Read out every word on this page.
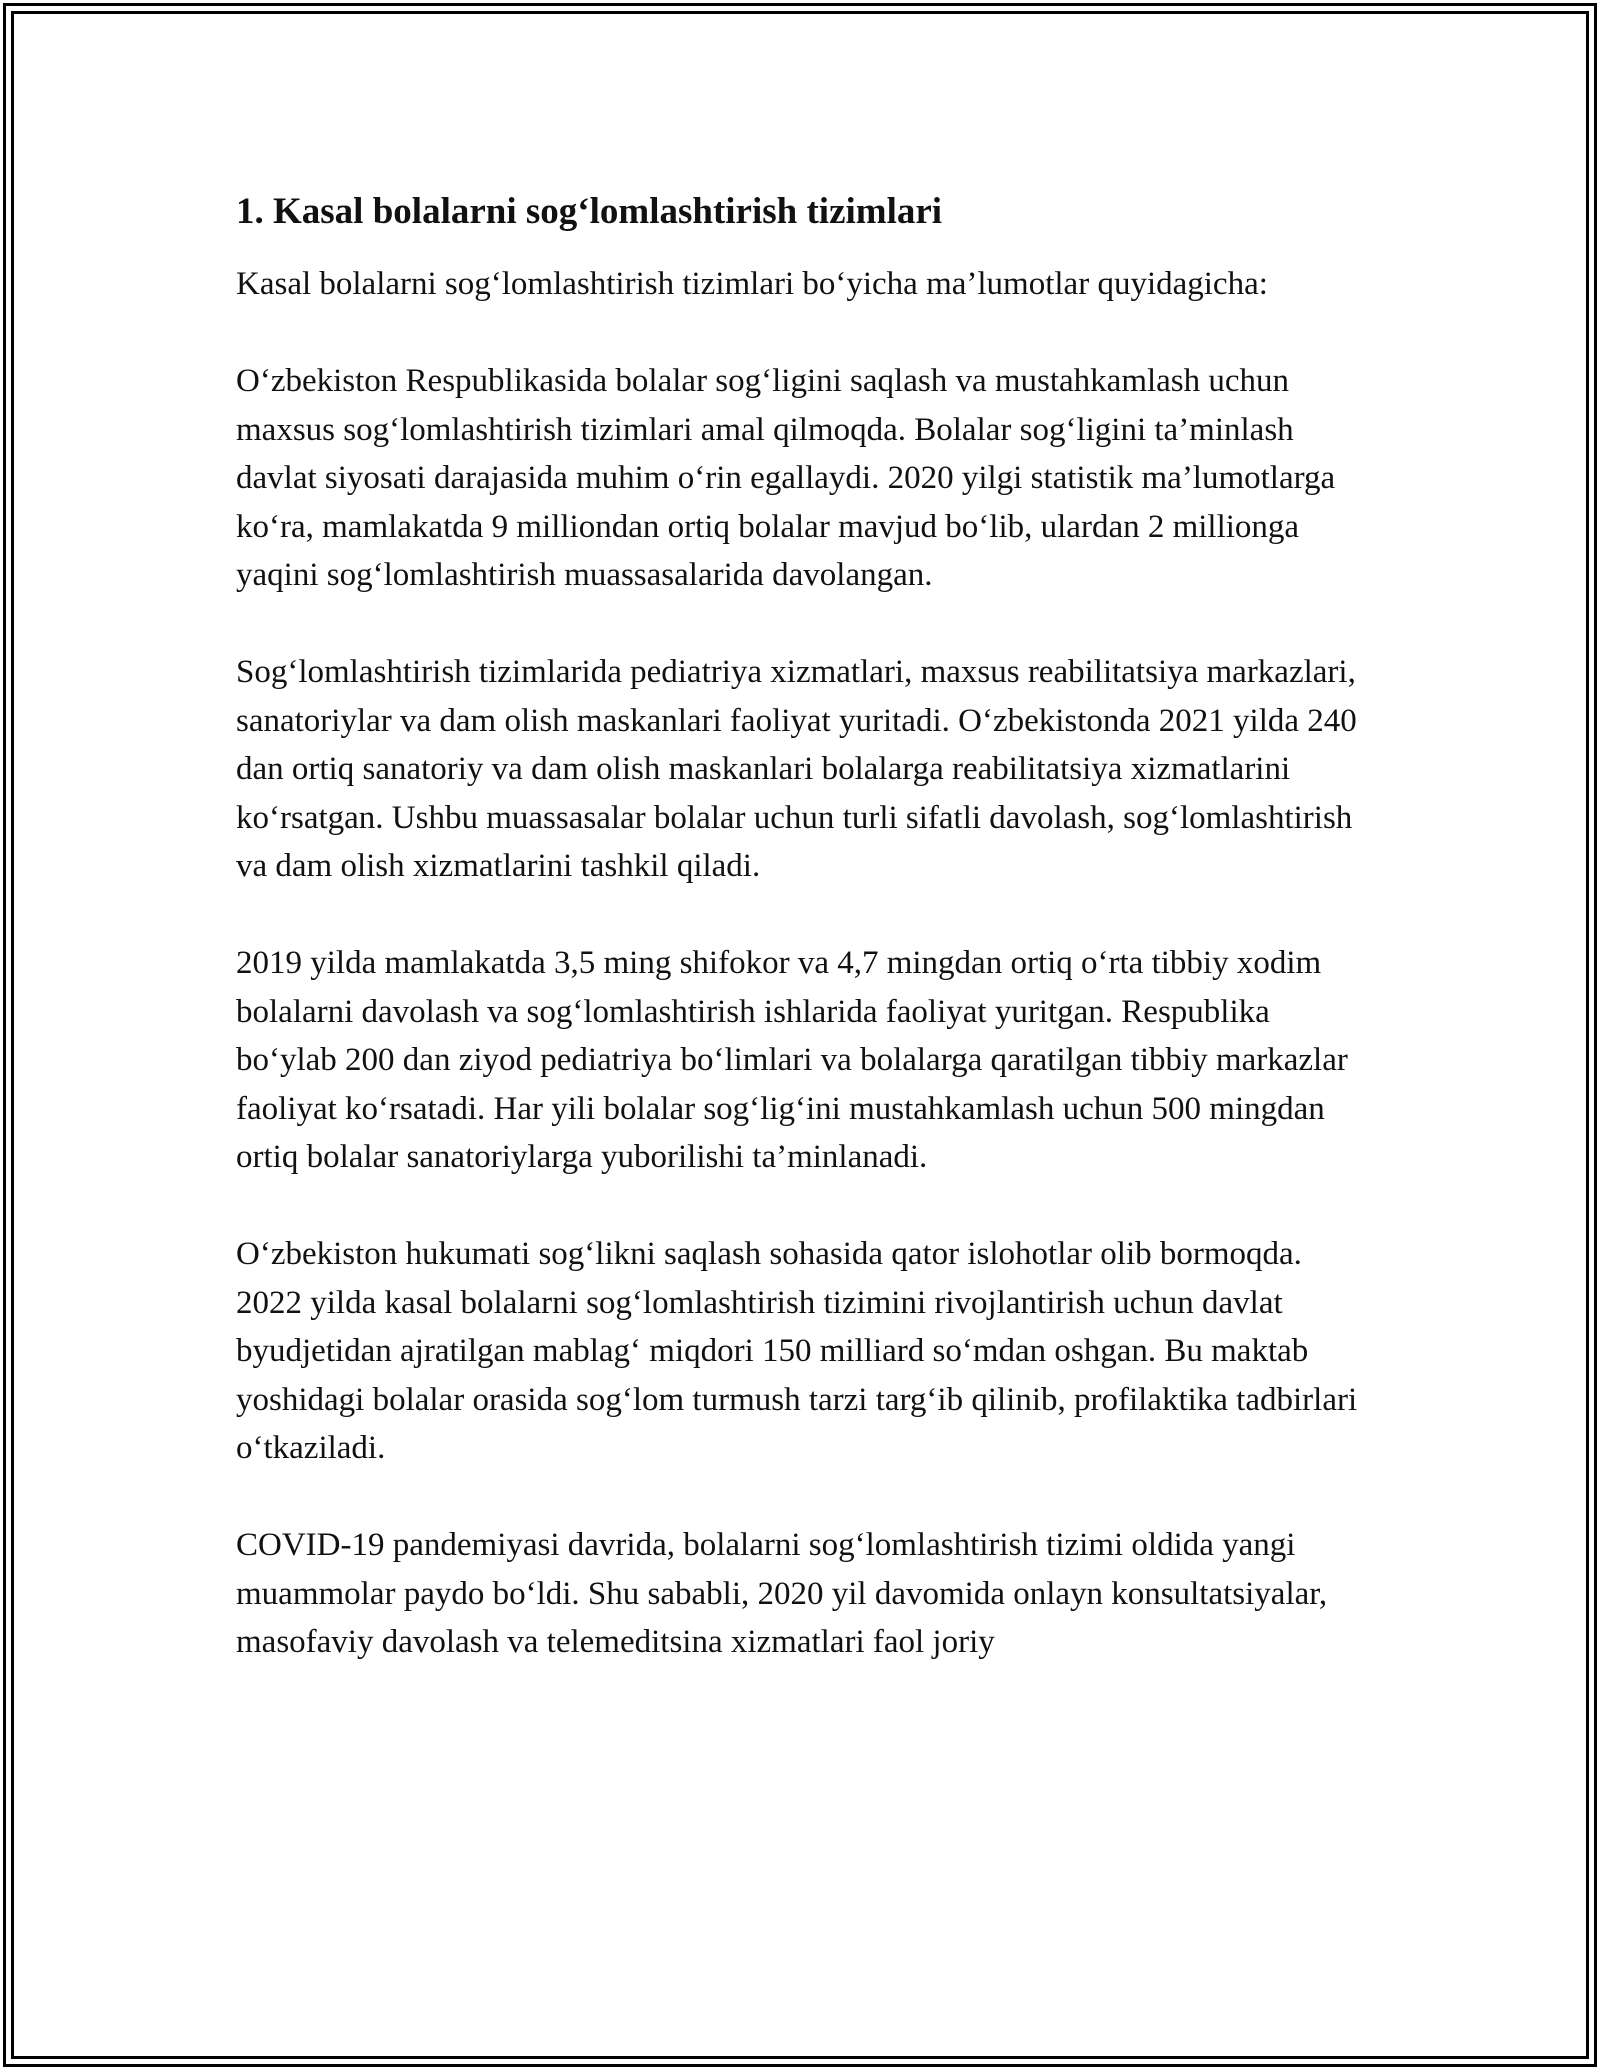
1. Kasal bolalarni sog‘lomlashtirish tizimlari

Kasal bolalarni sog‘lomlashtirish tizimlari bo‘yicha ma’lumotlar quyidagicha:

O‘zbekiston Respublikasida bolalar sog‘ligini saqlash va mustahkamlash uchun maxsus sog‘lomlashtirish tizimlari amal qilmoqda. Bolalar sog‘ligini ta’minlash davlat siyosati darajasida muhim o‘rin egallaydi. 2020 yilgi statistik ma’lumotlarga ko‘ra, mamlakatda 9 milliondan ortiq bolalar mavjud bo‘lib, ulardan 2 millionga yaqini sog‘lomlashtirish muassasalarida davolangan.

Sog‘lomlashtirish tizimlarida pediatriya xizmatlari, maxsus reabilitatsiya markazlari, sanatoriylar va dam olish maskanlari faoliyat yuritadi. O‘zbekistonda 2021 yilda 240 dan ortiq sanatoriy va dam olish maskanlari bolalarga reabilitatsiya xizmatlarini ko‘rsatgan. Ushbu muassasalar bolalar uchun turli sifatli davolash, sog‘lomlashtirish va dam olish xizmatlarini tashkil qiladi.

2019 yilda mamlakatda 3,5 ming shifokor va 4,7 mingdan ortiq o‘rta tibbiy xodim bolalarni davolash va sog‘lomlashtirish ishlarida faoliyat yuritgan. Respublika bo‘ylab 200 dan ziyod pediatriya bo‘limlari va bolalarga qaratilgan tibbiy markazlar faoliyat ko‘rsatadi. Har yili bolalar sog‘lig‘ini mustahkamlash uchun 500 mingdan ortiq bolalar sanatoriylarga yuborilishi ta’minlanadi.

O‘zbekiston hukumati sog‘likni saqlash sohasida qator islohotlar olib bormoqda. 2022 yilda kasal bolalarni sog‘lomlashtirish tizimini rivojlantirish uchun davlat byudjetidan ajratilgan mablag‘ miqdori 150 milliard so‘mdan oshgan. Bu maktab yoshidagi bolalar orasida sog‘lom turmush tarzi targ‘ib qilinib, profilaktika tadbirlari o‘tkaziladi.

COVID-19 pandemiyasi davrida, bolalarni sog‘lomlashtirish tizimi oldida yangi muammolar paydo bo‘ldi. Shu sababli, 2020 yil davomida onlayn konsultatsiyalar, masofaviy davolash va telemeditsina xizmatlari faol joriy
